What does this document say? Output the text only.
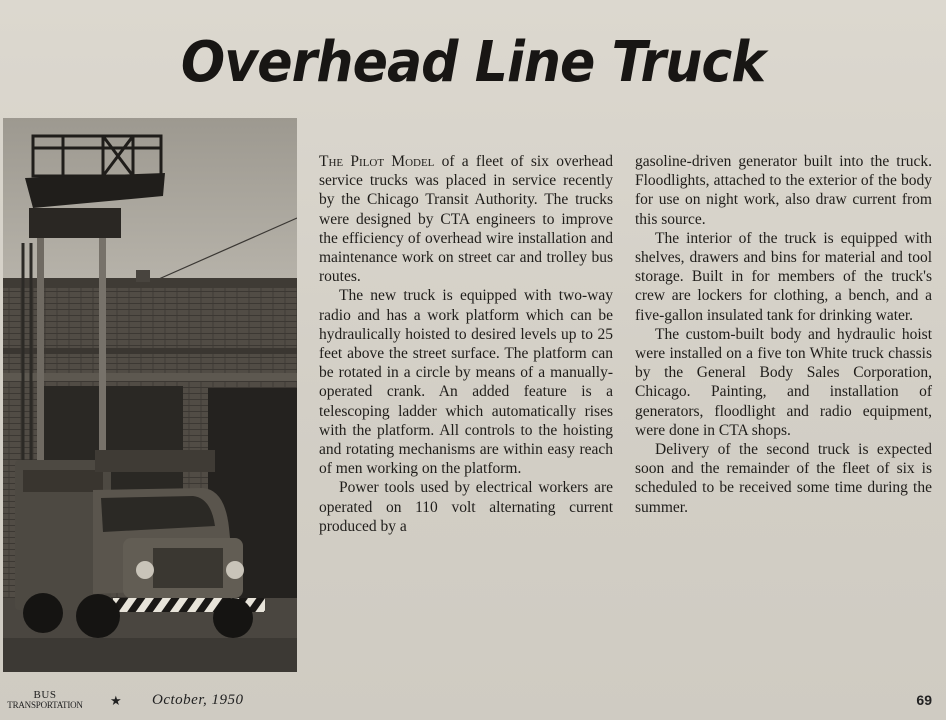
Overhead Line Truck

The Pilot Model of a fleet of six overhead service trucks was placed in service recently by the Chicago Transit Authority. The trucks were designed by CTA engineers to improve the efficiency of overhead wire installation and maintenance work on street car and trolley bus routes.

The new truck is equipped with two-way radio and has a work platform which can be hydraulically hoisted to desired levels up to 25 feet above the street surface. The platform can be rotated in a circle by means of a manually-operated crank. An added feature is a telescoping ladder which automatically rises with the platform. All controls to the hoisting and rotating mechanisms are within easy reach of men working on the platform.

Power tools used by electrical workers are operated on 110 volt alternating current produced by a

gasoline-driven generator built into the truck. Floodlights, attached to the exterior of the body for use on night work, also draw current from this source.

The interior of the truck is equipped with shelves, drawers and bins for material and tool storage. Built in for members of the truck's crew are lockers for clothing, a bench, and a five-gallon insulated tank for drinking water.

The custom-built body and hydraulic hoist were installed on a five ton White truck chassis by the General Body Sales Corporation, Chicago. Painting, and installation of generators, floodlight and radio equipment, were done in CTA shops.

Delivery of the second truck is expected soon and the remainder of the fleet of six is scheduled to be received some time during the summer.

BUS
TRANSPORTATION ★ October, 1950	69
